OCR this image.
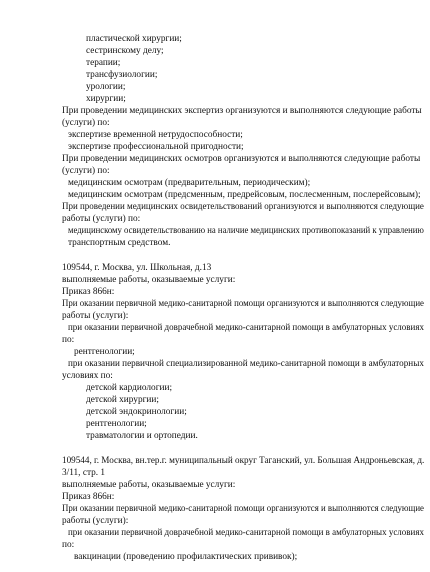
пластической хирургии;
сестринскому делу;
терапии;
трансфузиологии;
урологии;
хирургии;
При проведении медицинских экспертиз организуются и выполняются следующие работы
(услуги) по:
экспертизе временной нетрудоспособности;
экспертизе профессиональной пригодности;
При проведении медицинских осмотров организуются и выполняются следующие работы
(услуги) по:
медицинским осмотрам (предварительным, периодическим);
медицинским осмотрам (предсменным, предрейсовым, послесменным, послерейсовым);
При проведении медицинских освидетельствований организуются и выполняются следующие
работы (услуги) по:
медицинскому освидетельствованию на наличие медицинских противопоказаний к управлению
транспортным средством.
109544, г. Москва, ул. Школьная, д.13
выполняемые работы, оказываемые услуги:
Приказ 866н:
При оказании первичной медико-санитарной помощи организуются и выполняются следующие
работы (услуги):
при оказании первичной доврачебной медико-санитарной помощи в амбулаторных условиях
по:
рентгенологии;
при оказании первичной специализированной медико-санитарной помощи в амбулаторных
условиях по:
детской кардиологии;
детской хирургии;
детской эндокринологии;
рентгенологии;
травматологии и ортопедии.
109544, г. Москва, вн.тер.г. муниципальный округ Таганский, ул. Большая Андроньевская, д.
3/11, стр. 1
выполняемые работы, оказываемые услуги:
Приказ 866н:
При оказании первичной медико-санитарной помощи организуются и выполняются следующие
работы (услуги):
при оказании первичной доврачебной медико-санитарной помощи в амбулаторных условиях
по:
вакцинации (проведению профилактических прививок);
